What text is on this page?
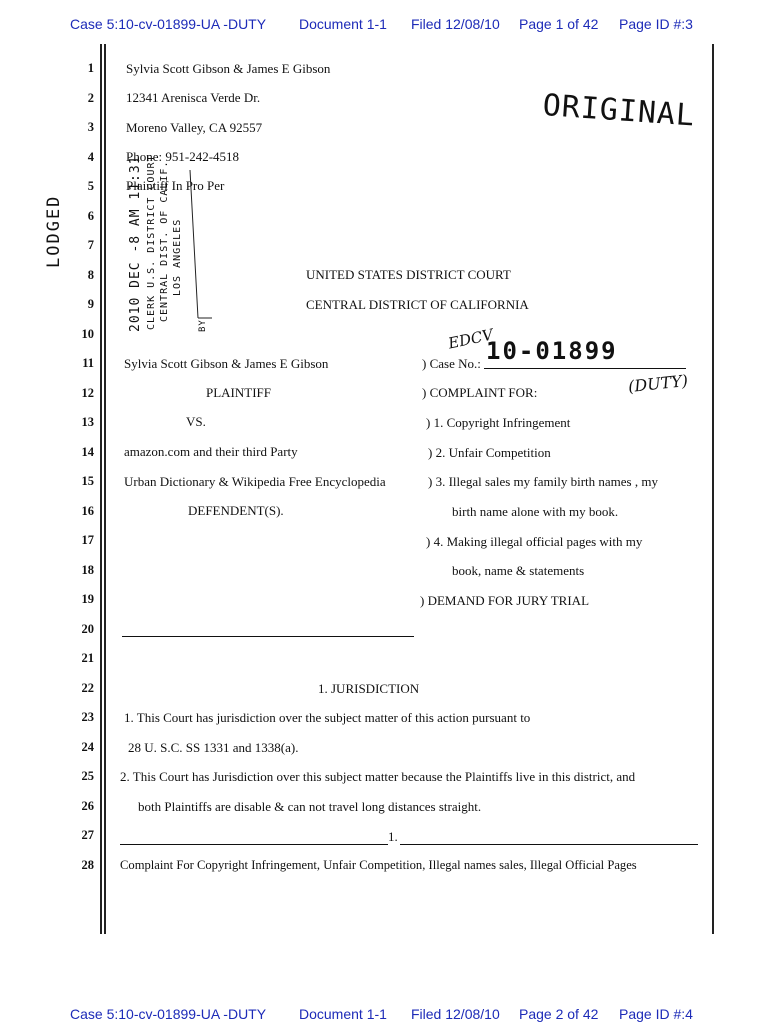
Case 5:10-cv-01899-UA -DUTY Document 1-1 Filed 12/08/10 Page 1 of 42 Page ID #:3
1
2
3
4
5
6
7
8
9
10
11
12
13
14
15
16
17
18
19
20
21
22
23
24
25
26
27
28
ORIGINAL
LODGED	2010 DEC -8 AM 11:31 CLERK U.S. DISTRICT COURT CENTRAL DIST. OF CALIF. LOS ANGELES
BY
Sylvia Scott Gibson & James E Gibson
12341 Arenisca Verde Dr.
Moreno Valley, CA 92557
Phone: 951-242-4518
Plaintiff In Pro Per
UNITED STATES DISTRICT COURT
CENTRAL DISTRICT OF CALIFORNIA
EDCV
10-01899
(DUTY)
Sylvia Scott Gibson & James E Gibson
PLAINTIFF
VS.
amazon.com and their third Party
Urban Dictionary & Wikipedia Free Encyclopedia
DEFENDENT(S).
) Case No.:
) COMPLAINT FOR:
) 1. Copyright Infringement
) 2. Unfair Competition
) 3. Illegal sales my family birth names , my
birth name alone with my book.
) 4. Making illegal official pages with my
book, name & statements
) DEMAND FOR JURY TRIAL
1. JURISDICTION
1. This Court has jurisdiction over the subject matter of this action pursuant to
28 U. S.C. SS 1331 and 1338(a).
2. This Court has Jurisdiction over this subject matter because the Plaintiffs live in this district, and
both Plaintiffs are disable & can not travel long distances straight.
1.
Complaint For Copyright Infringement, Unfair Competition, Illegal names sales, Illegal Official Pages
Case 5:10-cv-01899-UA -DUTY Document 1-1 Filed 12/08/10 Page 2 of 42 Page ID #:4
